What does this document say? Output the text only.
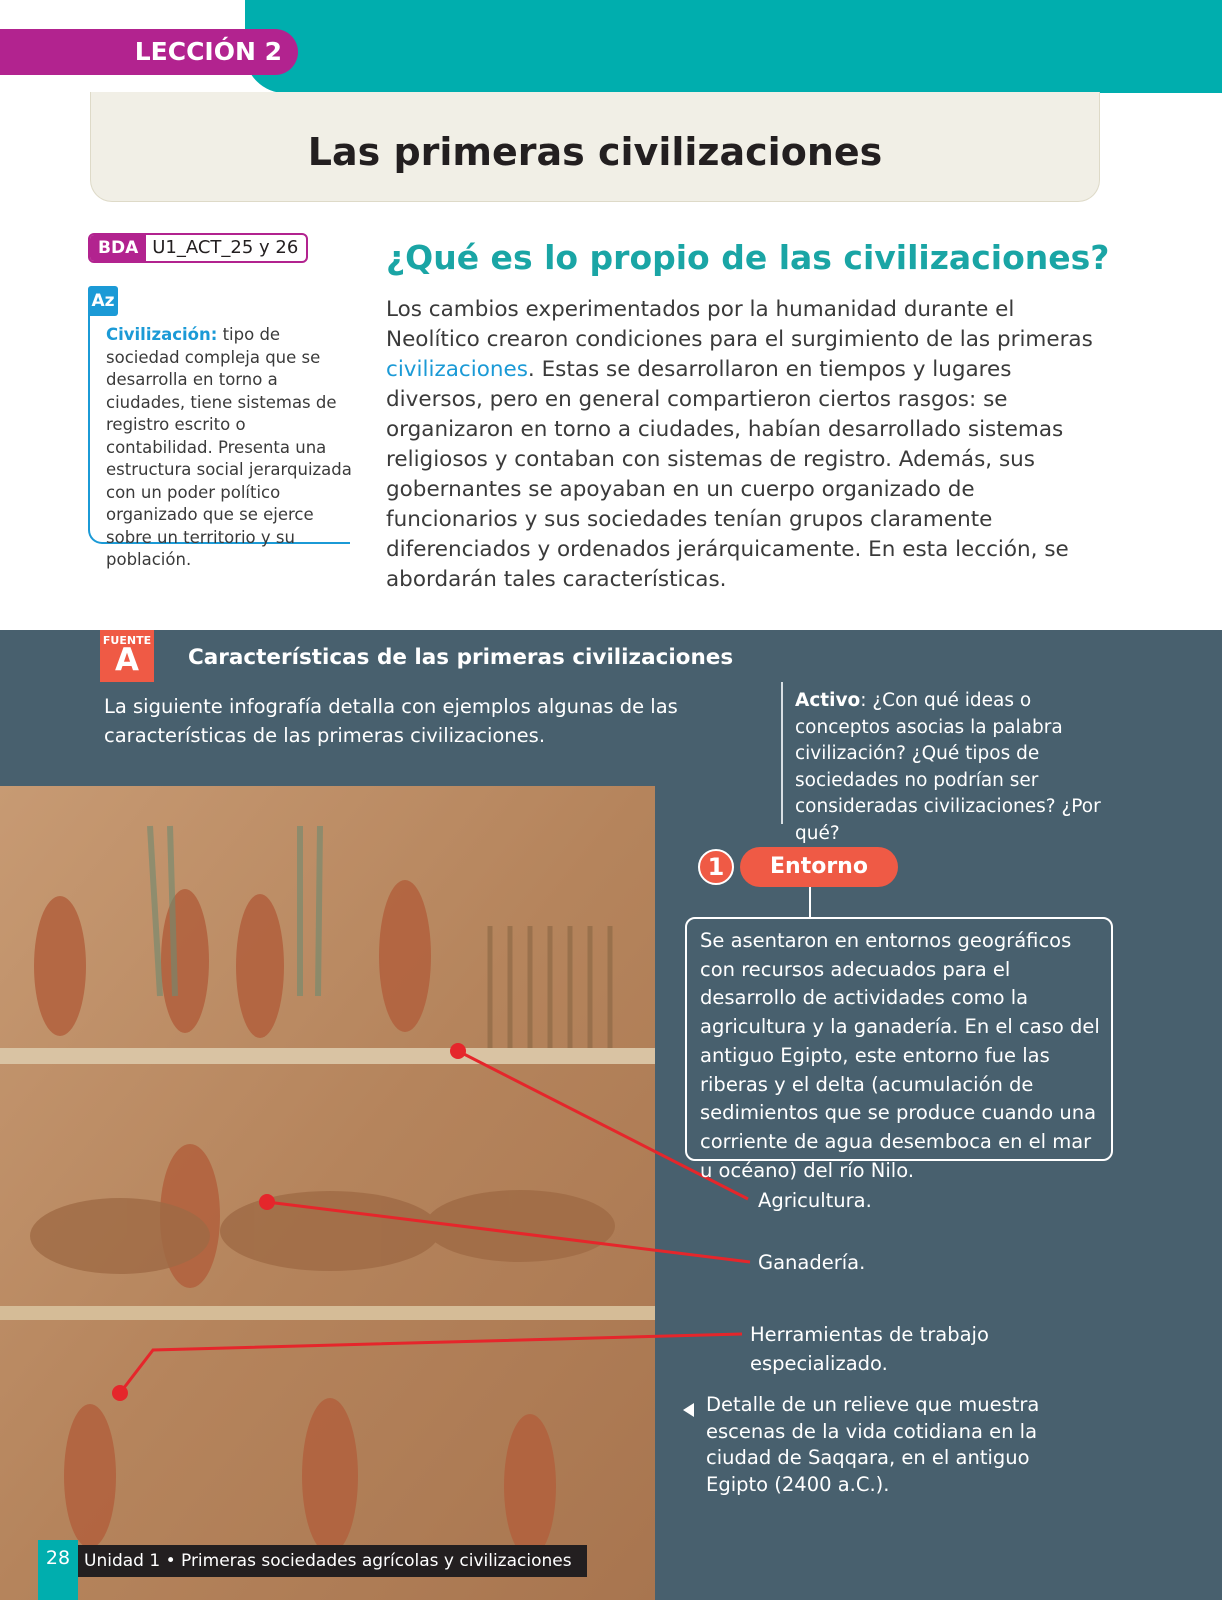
LECCIÓN 2
Las primeras civilizaciones
BDA U1_ACT_25 y 26
Az
Civilización: tipo de sociedad compleja que se desarrolla en torno a ciudades, tiene sistemas de registro escrito o contabilidad. Presenta una estructura social jerarquizada con un poder político organizado que se ejerce sobre un territorio y su población.
¿Qué es lo propio de las civilizaciones?
Los cambios experimentados por la humanidad durante el Neolítico crearon condiciones para el surgimiento de las primeras civilizaciones. Estas se desarrollaron en tiempos y lugares diversos, pero en general compartieron ciertos rasgos: se organizaron en torno a ciudades, habían desarrollado sistemas religiosos y contaban con sistemas de registro. Además, sus gobernantes se apoyaban en un cuerpo organizado de funcionarios y sus sociedades tenían grupos claramente diferenciados y ordenados jerárquicamente. En esta lección, se abordarán tales características.
FUENTE
A	Características de las primeras civilizaciones
La siguiente infografía detalla con ejemplos algunas de las características de las primeras civilizaciones.
Activo: ¿Con qué ideas o conceptos asocias la palabra civilización? ¿Qué tipos de sociedades no podrían ser consideradas civilizaciones? ¿Por qué?
1	Entorno
Se asentaron en entornos geográficos con recursos adecuados para el desarrollo de actividades como la agricultura y la ganadería. En el caso del antiguo Egipto, este entorno fue las riberas y el delta (acumulación de sedimientos que se produce cuando una corriente de agua desemboca en el mar u océano) del río Nilo.
Agricultura.
Ganadería.
Herramientas de trabajo especializado.
Detalle de un relieve que muestra escenas de la vida cotidiana en la ciudad de Saqqara, en el antiguo Egipto (2400 a.C.).
28 Unidad 1 • Primeras sociedades agrícolas y civilizaciones
